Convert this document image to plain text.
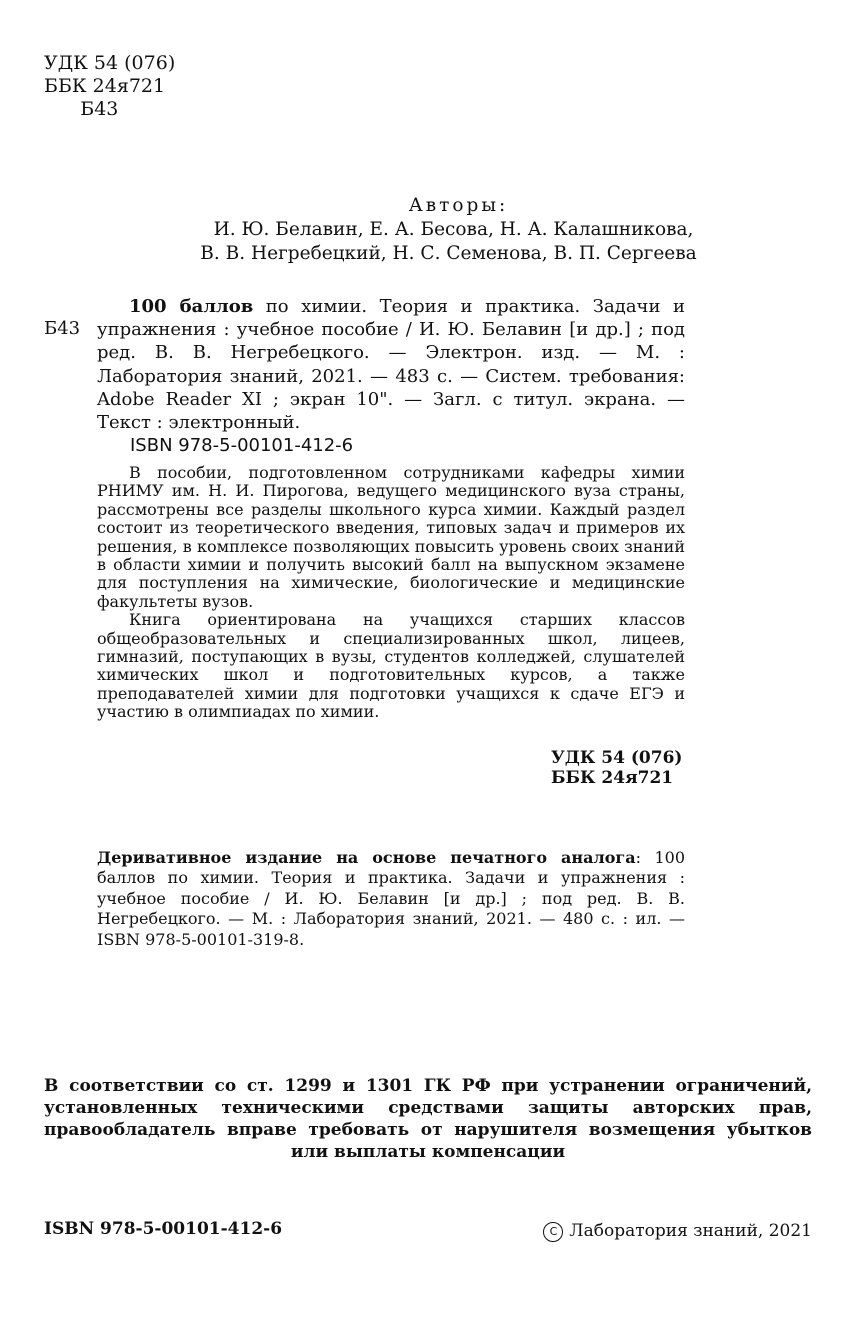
УДК 54 (076)
ББК 24я721
Б43
Авторы:
И. Ю. Белавин, Е. А. Бесова, Н. А. Калашникова,
В. В. Негребецкий, Н. С. Семенова, В. П. Сергеева
Б43
100 баллов по химии. Теория и практика. Задачи и упражнения : учебное пособие / И. Ю. Белавин [и др.] ; под ред. В. В. Негребецкого. — Электрон. изд. — М. : Лаборатория знаний, 2021. — 483 с. — Систем. требования: Adobe Reader XI ; экран 10". — Загл. с титул. экрана. — Текст : электронный.
ISBN 978-5-00101-412-6

В пособии, подготовленном сотрудниками кафедры химии РНИМУ им. Н. И. Пирогова, ведущего медицинского вуза страны, рассмотрены все разделы школьного курса химии. Каждый раздел состоит из теоретического введения, типовых задач и примеров их решения, в комплексе позволяющих повысить уровень своих знаний в области химии и получить высокий балл на выпускном экзамене для поступления на химические, биологические и медицинские факультеты вузов.

Книга ориентирована на учащихся старших классов общеобразовательных и специализированных школ, лицеев, гимназий, поступающих в вузы, студентов колледжей, слушателей химических школ и подготовительных курсов, а также преподавателей химии для подготовки учащихся к сдаче ЕГЭ и участию в олимпиадах по химии.

УДК 54 (076)
ББК 24я721
Деривативное издание на основе печатного аналога: 100 баллов по химии. Теория и практика. Задачи и упражнения : учебное пособие / И. Ю. Белавин [и др.] ; под ред. В. В. Негребецкого. — М. : Лаборатория знаний, 2021. — 480 с. : ил. — ISBN 978-5-00101-319-8.
В соответствии со ст. 1299 и 1301 ГК РФ при устранении ограничений, установленных техническими средствами защиты авторских прав, правообладатель вправе требовать от нарушителя возмещения убытков или выплаты компенсации
ISBN 978-5-00101-412-6	C Лаборатория знаний, 2021
